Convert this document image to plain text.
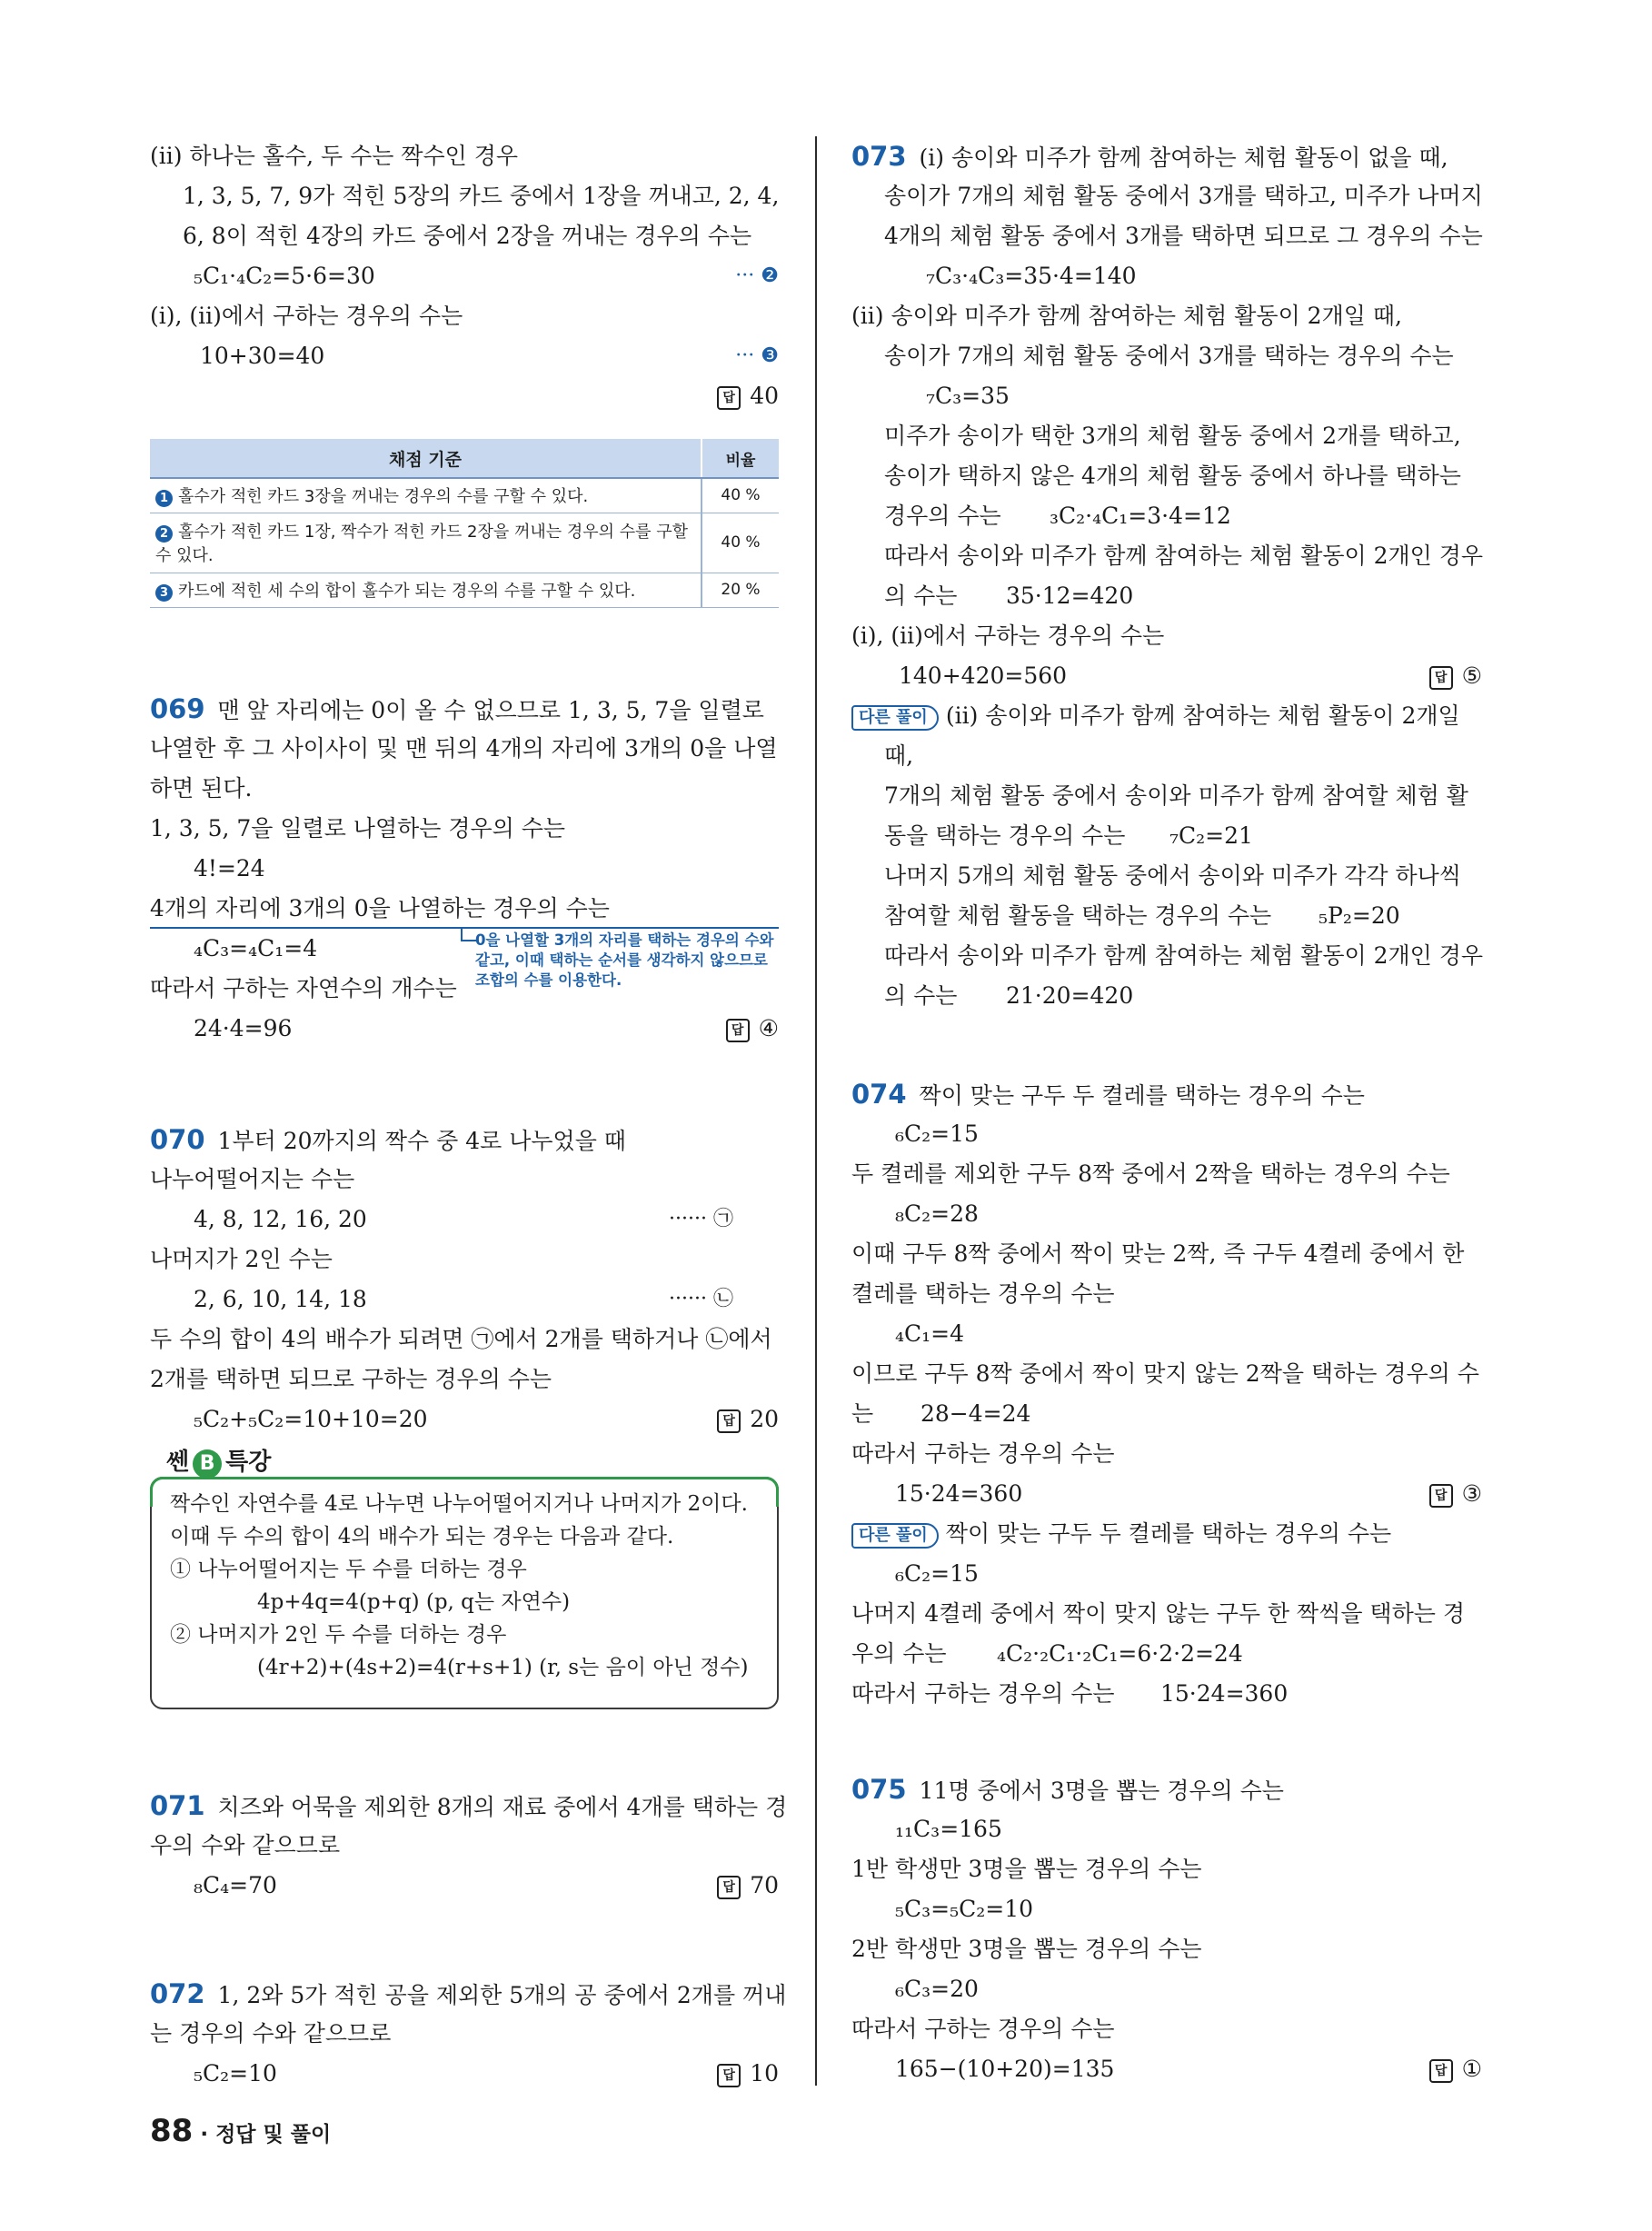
(ⅱ) 하나는 홀수, 두 수는 짝수인 경우
1, 3, 5, 7, 9가 적힌 5장의 카드 중에서 1장을 꺼내고, 2, 4,
6, 8이 적힌 4장의 카드 중에서 2장을 꺼내는 경우의 수는
₅C₁·₄C₂=5·6=30	··· ❷
(ⅰ), (ⅱ)에서 구하는 경우의 수는
10+30=40	··· ❸
답 40
채점 기준	비율
1 홀수가 적힌 카드 3장을 꺼내는 경우의 수를 구할 수 있다.	40 %
2 홀수가 적힌 카드 1장, 짝수가 적힌 카드 2장을 꺼내는 경우의 수를 구할 수 있다.	40 %
3 카드에 적힌 세 수의 합이 홀수가 되는 경우의 수를 구할 수 있다.	20 %
069 맨 앞 자리에는 0이 올 수 없으므로 1, 3, 5, 7을 일렬로
나열한 후 그 사이사이 및 맨 뒤의 4개의 자리에 3개의 0을 나열
하면 된다.
1, 3, 5, 7을 일렬로 나열하는 경우의 수는
4!=24
4개의 자리에 3개의 0을 나열하는 경우의 수는
₄C₃=₄C₁=4	0을 나열할 3개의 자리를 택하는 경우의 수와 같고, 이때 택하는 순서를 생각하지 않으므로 조합의 수를 이용한다.
따라서 구하는 자연수의 개수는
24·4=96	답 ④
070 1부터 20까지의 짝수 중 4로 나누었을 때
나누어떨어지는 수는
4, 8, 12, 16, 20	······ ㉠
나머지가 2인 수는
2, 6, 10, 14, 18	······ ㉡
두 수의 합이 4의 배수가 되려면 ㉠에서 2개를 택하거나 ㉡에서
2개를 택하면 되므로 구하는 경우의 수는
₅C₂+₅C₂=10+10=20	답 20
쎈 B 특강
짝수인 자연수를 4로 나누면 나누어떨어지거나 나머지가 2이다.
이때 두 수의 합이 4의 배수가 되는 경우는 다음과 같다.
① 나누어떨어지는 두 수를 더하는 경우
4p+4q=4(p+q) (p, q는 자연수)
② 나머지가 2인 두 수를 더하는 경우
(4r+2)+(4s+2)=4(r+s+1) (r, s는 음이 아닌 정수)
071 치즈와 어묵을 제외한 8개의 재료 중에서 4개를 택하는 경
우의 수와 같으므로
₈C₄=70	답 70
072 1, 2와 5가 적힌 공을 제외한 5개의 공 중에서 2개를 꺼내
는 경우의 수와 같으므로
₅C₂=10	답 10
073 (ⅰ) 송이와 미주가 함께 참여하는 체험 활동이 없을 때,
송이가 7개의 체험 활동 중에서 3개를 택하고, 미주가 나머지
4개의 체험 활동 중에서 3개를 택하면 되므로 그 경우의 수는
₇C₃·₄C₃=35·4=140
(ⅱ) 송이와 미주가 함께 참여하는 체험 활동이 2개일 때,
송이가 7개의 체험 활동 중에서 3개를 택하는 경우의 수는
₇C₃=35
미주가 송이가 택한 3개의 체험 활동 중에서 2개를 택하고,
송이가 택하지 않은 4개의 체험 활동 중에서 하나를 택하는
경우의 수는 ₃C₂·₄C₁=3·4=12
따라서 송이와 미주가 함께 참여하는 체험 활동이 2개인 경우
의 수는 35·12=420
(ⅰ), (ⅱ)에서 구하는 경우의 수는
140+420=560	답 ⑤
다른 풀이 (ⅱ) 송이와 미주가 함께 참여하는 체험 활동이 2개일
때,
7개의 체험 활동 중에서 송이와 미주가 함께 참여할 체험 활
동을 택하는 경우의 수는 ₇C₂=21
나머지 5개의 체험 활동 중에서 송이와 미주가 각각 하나씩
참여할 체험 활동을 택하는 경우의 수는 ₅P₂=20
따라서 송이와 미주가 함께 참여하는 체험 활동이 2개인 경우
의 수는 21·20=420
074 짝이 맞는 구두 두 켤레를 택하는 경우의 수는
₆C₂=15
두 켤레를 제외한 구두 8짝 중에서 2짝을 택하는 경우의 수는
₈C₂=28
이때 구두 8짝 중에서 짝이 맞는 2짝, 즉 구두 4켤레 중에서 한
켤레를 택하는 경우의 수는
₄C₁=4
이므로 구두 8짝 중에서 짝이 맞지 않는 2짝을 택하는 경우의 수
는 28−4=24
따라서 구하는 경우의 수는
15·24=360	답 ③
다른 풀이 짝이 맞는 구두 두 켤레를 택하는 경우의 수는
₆C₂=15
나머지 4켤레 중에서 짝이 맞지 않는 구두 한 짝씩을 택하는 경
우의 수는 ₄C₂·₂C₁·₂C₁=6·2·2=24
따라서 구하는 경우의 수는 15·24=360
075 11명 중에서 3명을 뽑는 경우의 수는
₁₁C₃=165
1반 학생만 3명을 뽑는 경우의 수는
₅C₃=₅C₂=10
2반 학생만 3명을 뽑는 경우의 수는
₆C₃=20
따라서 구하는 경우의 수는
165−(10+20)=135	답 ①
88 · 정답 및 풀이
